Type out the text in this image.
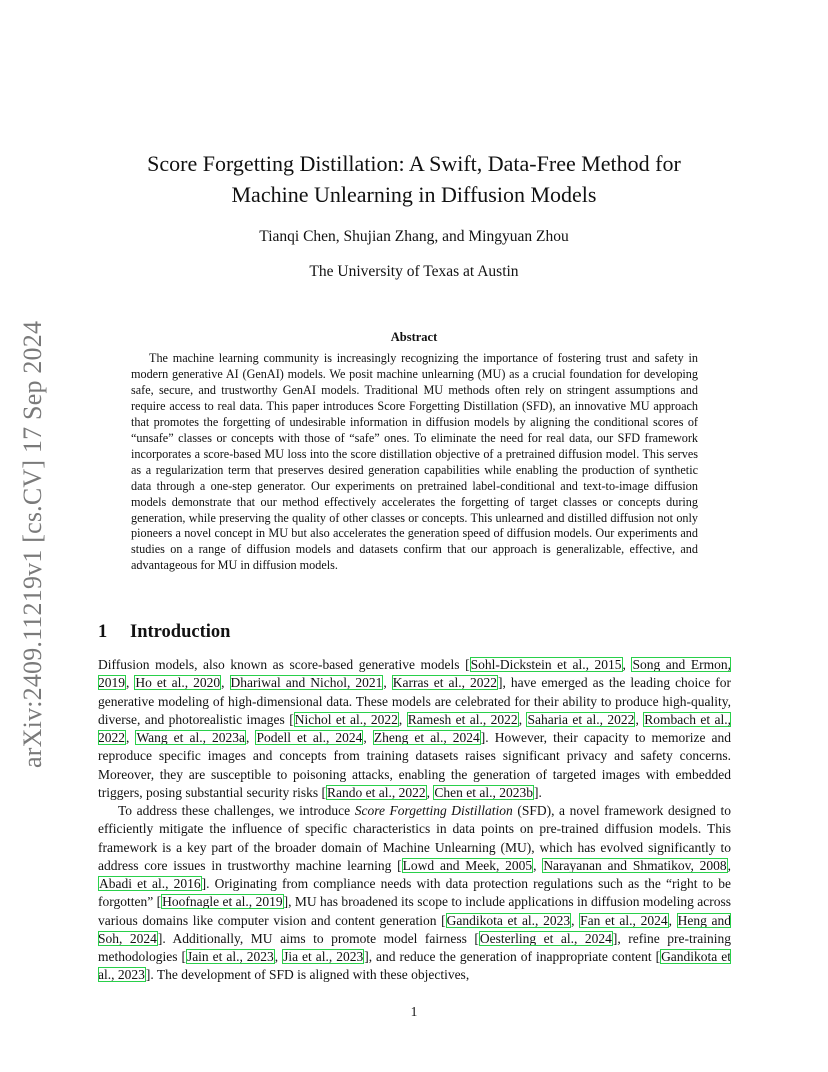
arXiv:2409.11219v1 [cs.CV] 17 Sep 2024
Score Forgetting Distillation: A Swift, Data-Free Method for
Machine Unlearning in Diffusion Models
Tianqi Chen, Shujian Zhang, and Mingyuan Zhou
The University of Texas at Austin
Abstract

The machine learning community is increasingly recognizing the importance of fostering trust and safety in modern generative AI (GenAI) models. We posit machine unlearning (MU) as a crucial foundation for developing safe, secure, and trustworthy GenAI models. Traditional MU methods often rely on stringent assumptions and require access to real data. This paper introduces Score Forgetting Distillation (SFD), an innovative MU approach that promotes the forgetting of undesirable information in diffusion models by aligning the conditional scores of “unsafe” classes or concepts with those of “safe” ones. To eliminate the need for real data, our SFD framework incorporates a score-based MU loss into the score distillation objective of a pretrained diffusion model. This serves as a regularization term that preserves desired generation capabilities while enabling the production of synthetic data through a one-step generator. Our experiments on pretrained label-conditional and text-to-image diffusion models demonstrate that our method effectively accelerates the forgetting of target classes or concepts during generation, while preserving the quality of other classes or concepts. This unlearned and distilled diffusion not only pioneers a novel concept in MU but also accelerates the generation speed of diffusion models. Our experiments and studies on a range of diffusion models and datasets confirm that our approach is generalizable, effective, and advantageous for MU in diffusion models.

1 Introduction

Diffusion models, also known as score-based generative models [Sohl-Dickstein et al., 2015, Song and Ermon, 2019, Ho et al., 2020, Dhariwal and Nichol, 2021, Karras et al., 2022], have emerged as the leading choice for generative modeling of high-dimensional data. These models are celebrated for their ability to produce high-quality, diverse, and photorealistic images [Nichol et al., 2022, Ramesh et al., 2022, Saharia et al., 2022, Rombach et al., 2022, Wang et al., 2023a, Podell et al., 2024, Zheng et al., 2024]. However, their capacity to memorize and reproduce specific images and concepts from training datasets raises significant privacy and safety concerns. Moreover, they are susceptible to poisoning attacks, enabling the generation of targeted images with embedded triggers, posing substantial security risks [Rando et al., 2022, Chen et al., 2023b].

To address these challenges, we introduce Score Forgetting Distillation (SFD), a novel framework designed to efficiently mitigate the influence of specific characteristics in data points on pre-trained diffusion models. This framework is a key part of the broader domain of Machine Unlearning (MU), which has evolved significantly to address core issues in trustworthy machine learning [Lowd and Meek, 2005, Narayanan and Shmatikov, 2008, Abadi et al., 2016]. Originating from compliance needs with data protection regulations such as the “right to be forgotten” [Hoofnagle et al., 2019], MU has broadened its scope to include applications in diffusion modeling across various domains like computer vision and content generation [Gandikota et al., 2023, Fan et al., 2024, Heng and Soh, 2024]. Additionally, MU aims to promote model fairness [Oesterling et al., 2024], refine pre-training methodologies [Jain et al., 2023, Jia et al., 2023], and reduce the generation of inappropriate content [Gandikota et al., 2023]. The development of SFD is aligned with these objectives,

1
